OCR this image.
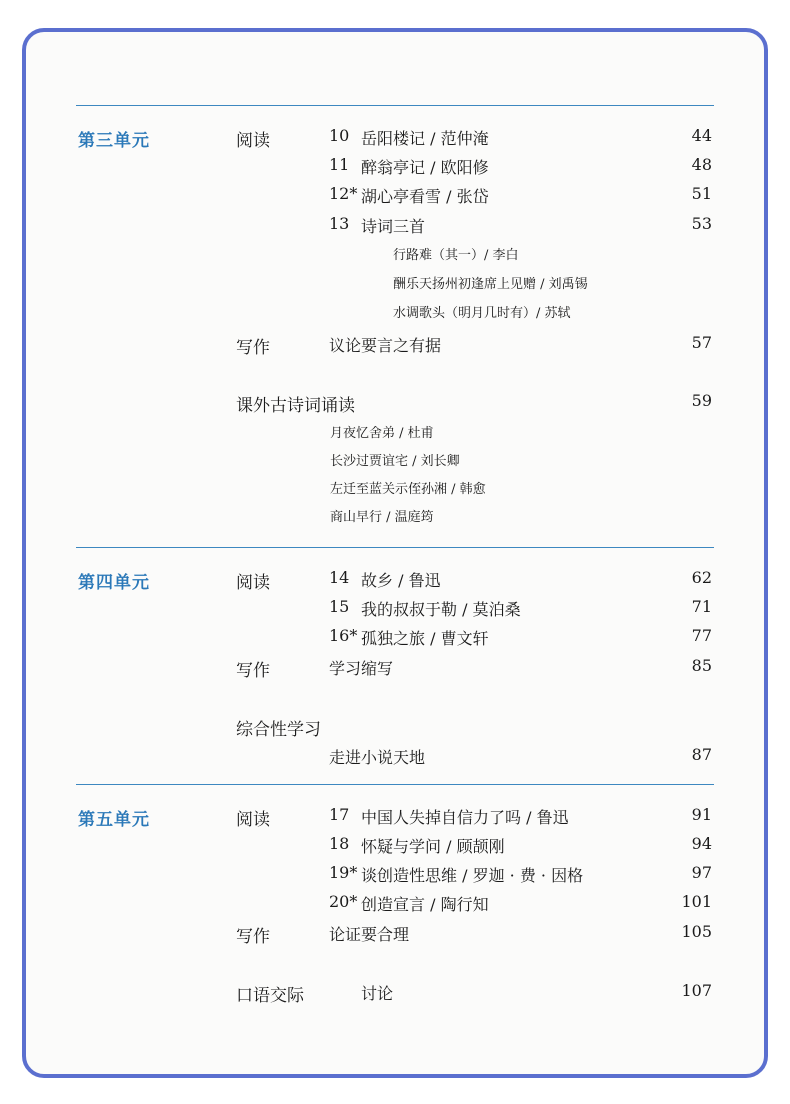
第三单元	阅读	10 岳阳楼记 / 范仲淹	44
11 醉翁亭记 / 欧阳修	48
12* 湖心亭看雪 / 张岱	51
13 诗词三首	53
行路难（其一）/ 李白
酬乐天扬州初逢席上见赠 / 刘禹锡
水调歌头（明月几时有）/ 苏轼
写作	议论要言之有据	57
课外古诗词诵读	59
月夜忆舍弟 / 杜甫
长沙过贾谊宅 / 刘长卿
左迁至蓝关示侄孙湘 / 韩愈
商山早行 / 温庭筠
第四单元	阅读	14 故乡 / 鲁迅	62
15 我的叔叔于勒 / 莫泊桑	71
16* 孤独之旅 / 曹文轩	77
写作	学习缩写	85
综合性学习
走进小说天地	87
第五单元	阅读	17 中国人失掉自信力了吗 / 鲁迅	91
18 怀疑与学问 / 顾颉刚	94
19* 谈创造性思维 / 罗迦 · 费 · 因格	97
20* 创造宣言 / 陶行知	101
写作	论证要合理	105
口语交际	讨论	107
